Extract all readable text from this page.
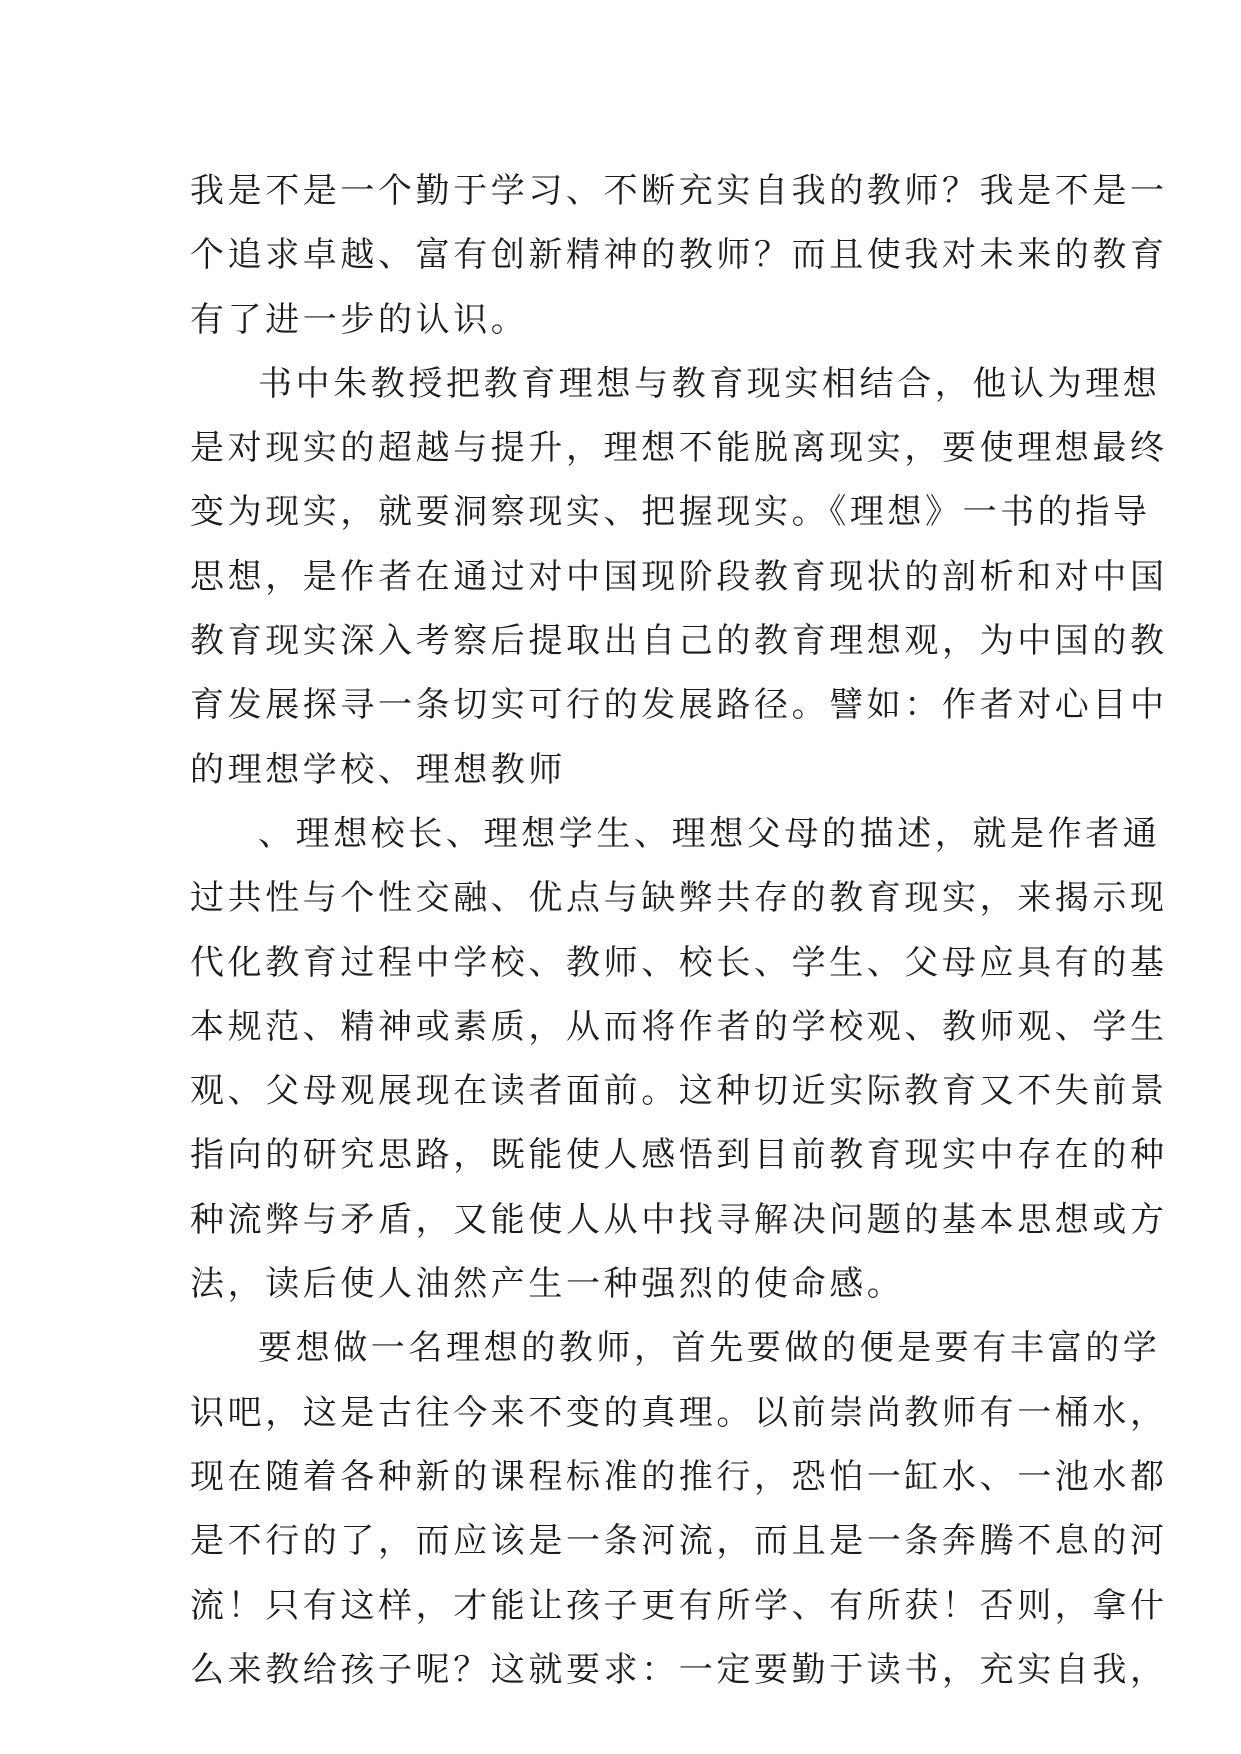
我是不是一个勤于学习、不断充实自我的教师？我是不是一
个追求卓越、富有创新精神的教师？而且使我对未来的教育
有了进一步的认识。
书中朱教授把教育理想与教育现实相结合，他认为理想
是对现实的超越与提升，理想不能脱离现实，要使理想最终
变为现实，就要洞察现实、把握现实。《理想》一书的指导
思想，是作者在通过对中国现阶段教育现状的剖析和对中国
教育现实深入考察后提取出自己的教育理想观，为中国的教
育发展探寻一条切实可行的发展路径。譬如：作者对心目中
的理想学校、理想教师
、理想校长、理想学生、理想父母的描述，就是作者通
过共性与个性交融、优点与缺弊共存的教育现实，来揭示现
代化教育过程中学校、教师、校长、学生、父母应具有的基
本规范、精神或素质，从而将作者的学校观、教师观、学生
观、父母观展现在读者面前。这种切近实际教育又不失前景
指向的研究思路，既能使人感悟到目前教育现实中存在的种
种流弊与矛盾，又能使人从中找寻解决问题的基本思想或方
法，读后使人油然产生一种强烈的使命感。
要想做一名理想的教师，首先要做的便是要有丰富的学
识吧，这是古往今来不变的真理。以前崇尚教师有一桶水，
现在随着各种新的课程标准的推行，恐怕一缸水、一池水都
是不行的了，而应该是一条河流，而且是一条奔腾不息的河
流！只有这样，才能让孩子更有所学、有所获！否则，拿什
么来教给孩子呢？这就要求：一定要勤于读书，充实自我，
